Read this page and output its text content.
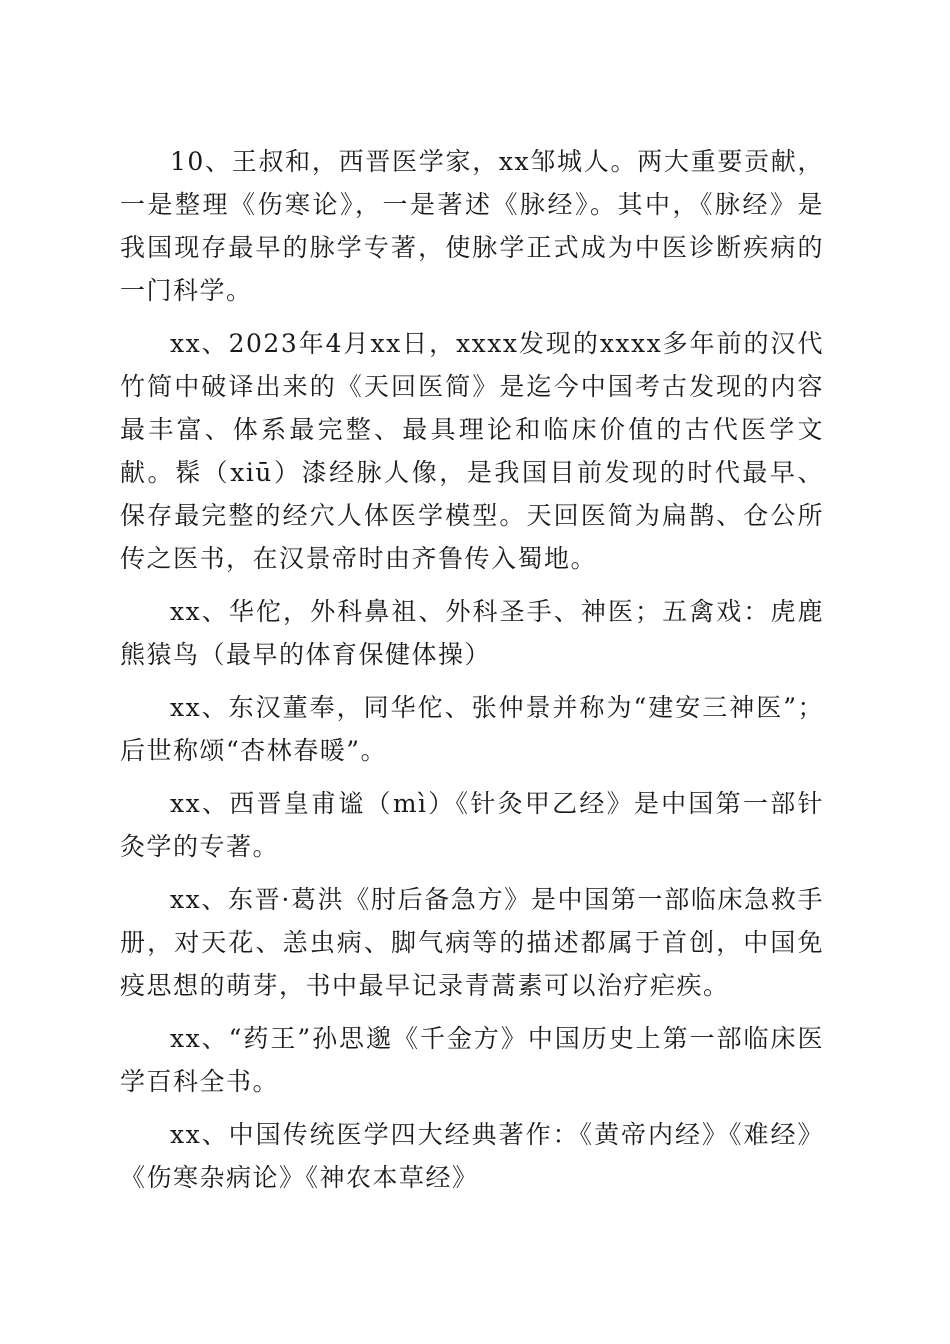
10、王叔和，西晋医学家，xx邹城人。两大重要贡献，一是整理《伤寒论》，一是著述《脉经》。其中，《脉经》是我国现存最早的脉学专著，使脉学正式成为中医诊断疾病的一门科学。

xx、2023年4月xx日，xxxx发现的xxxx多年前的汉代竹简中破译出来的《天回医简》是迄今中国考古发现的内容最丰富、体系最完整、最具理论和临床价值的古代医学文献。髹（xiū）漆经脉人像，是我国目前发现的时代最早、保存最完整的经穴人体医学模型。天回医简为扁鹊、仓公所传之医书，在汉景帝时由齐鲁传入蜀地。

xx、华佗，外科鼻祖、外科圣手、神医；五禽戏：虎鹿熊猿鸟（最早的体育保健体操）

xx、东汉董奉，同华佗、张仲景并称为“建安三神医”；后世称颂“杏林春暖”。

xx、西晋皇甫谧（mì）《针灸甲乙经》是中国第一部针灸学的专著。

xx、东晋·葛洪《肘后备急方》是中国第一部临床急救手册，对天花、恙虫病、脚气病等的描述都属于首创，中国免疫思想的萌芽，书中最早记录青蒿素可以治疗疟疾。

xx、“药王”孙思邈《千金方》中国历史上第一部临床医学百科全书。

xx、中国传统医学四大经典著作：《黄帝内经》《难经》《伤寒杂病论》《神农本草经》
